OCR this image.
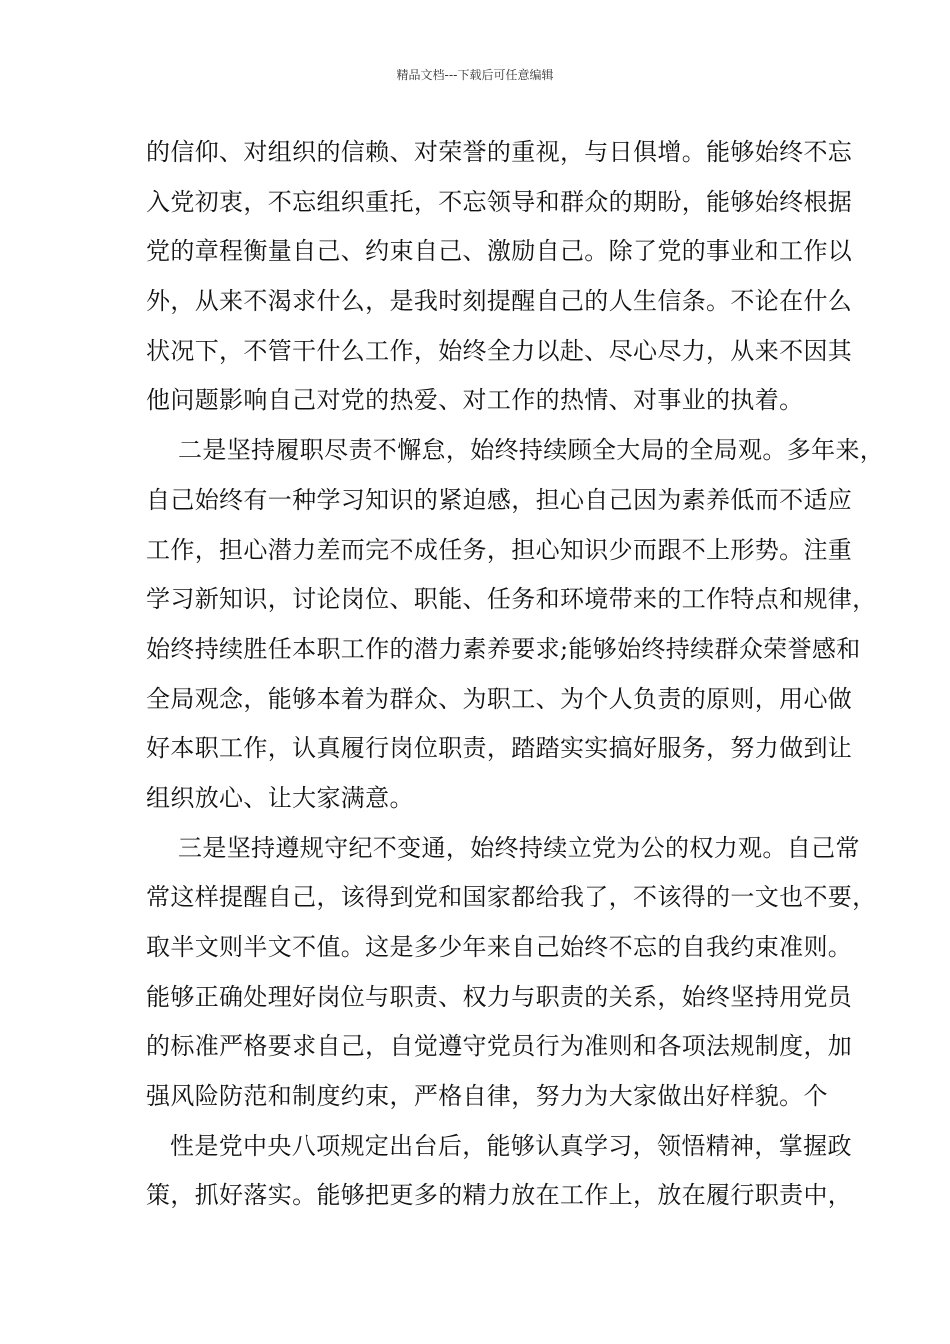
精品文档---下载后可任意编辑
的信仰、对组织的信赖、对荣誉的重视，与日俱增。能够始终不忘
入党初衷，不忘组织重托，不忘领导和群众的期盼，能够始终根据
党的章程衡量自己、约束自己、激励自己。除了党的事业和工作以
外，从来不渴求什么，是我时刻提醒自己的人生信条。不论在什么
状况下，不管干什么工作，始终全力以赴、尽心尽力，从来不因其
他问题影响自己对党的热爱、对工作的热情、对事业的执着。
二是坚持履职尽责不懈怠，始终持续顾全大局的全局观。多年来，
自己始终有一种学习知识的紧迫感，担心自己因为素养低而不适应
工作，担心潜力差而完不成任务，担心知识少而跟不上形势。注重
学习新知识，讨论岗位、职能、任务和环境带来的工作特点和规律，
始终持续胜任本职工作的潜力素养要求;能够始终持续群众荣誉感和
全局观念，能够本着为群众、为职工、为个人负责的原则，用心做
好本职工作，认真履行岗位职责，踏踏实实搞好服务，努力做到让
组织放心、让大家满意。
三是坚持遵规守纪不变通，始终持续立党为公的权力观。自己常
常这样提醒自己，该得到党和国家都给我了，不该得的一文也不要，
取半文则半文不值。这是多少年来自己始终不忘的自我约束准则。
能够正确处理好岗位与职责、权力与职责的关系，始终坚持用党员
的标准严格要求自己，自觉遵守党员行为准则和各项法规制度，加
强风险防范和制度约束，严格自律，努力为大家做出好样貌。个
性是党中央八项规定出台后，能够认真学习，领悟精神，掌握政
策，抓好落实。能够把更多的精力放在工作上，放在履行职责中，
